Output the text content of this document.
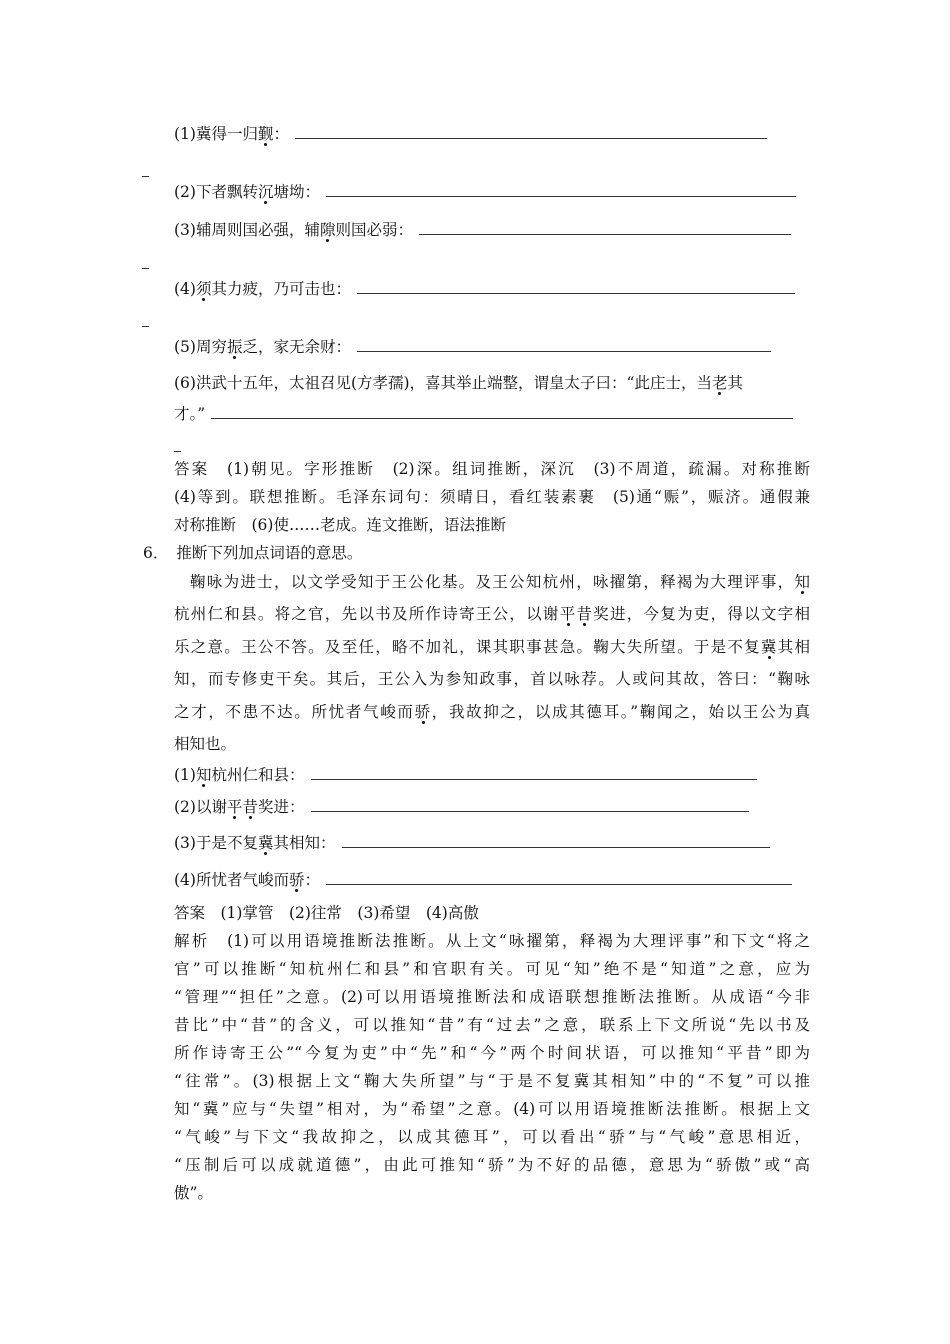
(1)冀得一归觐：
(2)下者飘转沉塘坳：
(3)辅周则国必强，辅隙则国必弱：
(4)须其力疲，乃可击也：
(5)周穷振乏，家无余财：
(6)洪武十五年，太祖召见(方孝孺)，喜其举止端整，谓皇太子曰：“此庄士，当老其
才。”
答案　(1)朝见。字形推断　(2)深。组词推断，深沉　(3)不周道，疏漏。对称推断
(4)等到。联想推断。毛泽东词句：须晴日，看红装素裹　(5)通“赈”，赈济。通假兼
对称推断　(6)使……老成。连文推断，语法推断
6． 推断下列加点词语的意思。
鞠咏为进士，以文学受知于王公化基。及王公知杭州，咏擢第，释褐为大理评事，知
杭州仁和县。将之官，先以书及所作诗寄王公，以谢平昔奖进，今复为吏，得以文字相
乐之意。王公不答。及至任，略不加礼，课其职事甚急。鞠大失所望。于是不复冀其相
知，而专修吏干矣。其后，王公入为参知政事，首以咏荐。人或问其故，答曰：“鞠咏
之才，不患不达。所忧者气峻而骄，我故抑之，以成其德耳。”鞠闻之，始以王公为真
相知也。
(1)知杭州仁和县：
(2)以谢平昔奖进：
(3)于是不复冀其相知：
(4)所忧者气峻而骄：
答案　(1)掌管　(2)往常　(3)希望　(4)高傲
解析　(1)可以用语境推断法推断。从上文“咏擢第，释褐为大理评事”和下文“将之
官”可以推断“知杭州仁和县”和官职有关。可见“知”绝不是“知道”之意，应为
“管理”“担任”之意。(2)可以用语境推断法和成语联想推断法推断。从成语“今非
昔比”中“昔”的含义，可以推知“昔”有“过去”之意，联系上下文所说“先以书及
所作诗寄王公”“今复为吏”中“先”和“今”两个时间状语，可以推知“平昔”即为
“往常”。(3)根据上文“鞠大失所望”与“于是不复冀其相知”中的“不复”可以推
知“冀”应与“失望”相对，为“希望”之意。(4)可以用语境推断法推断。根据上文
“气峻”与下文“我故抑之，以成其德耳”，可以看出“骄”与“气峻”意思相近，
“压制后可以成就道德”，由此可推知“骄”为不好的品德，意思为“骄傲”或“高
傲”。
